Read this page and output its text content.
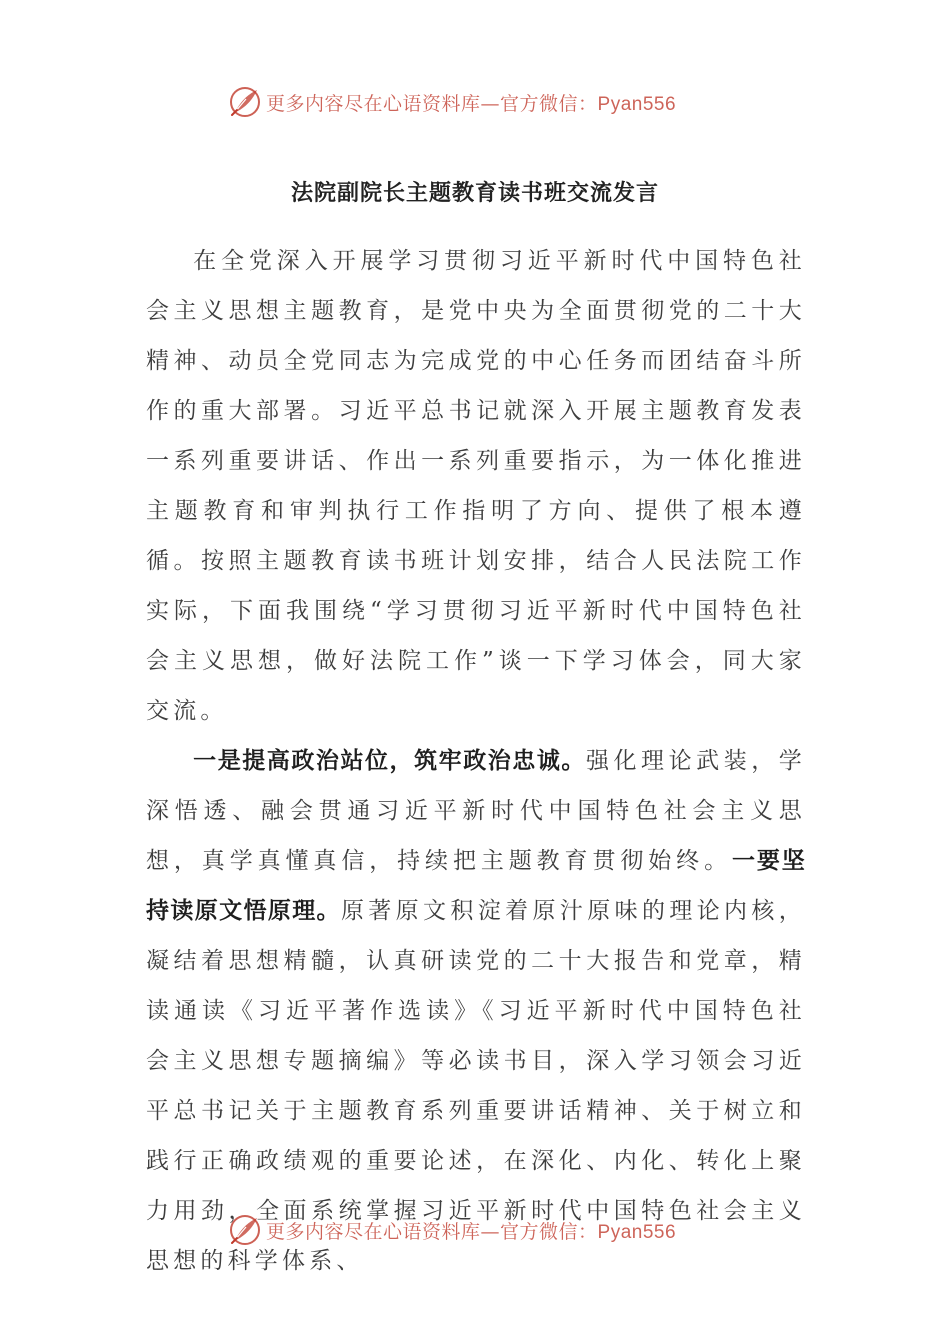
更多内容尽在心语资料库—官方微信：Pyan556
法院副院长主题教育读书班交流发言

在全党深入开展学习贯彻习近平新时代中国特色社会主义思想主题教育，是党中央为全面贯彻党的二十大精神、动员全党同志为完成党的中心任务而团结奋斗所作的重大部署。习近平总书记就深入开展主题教育发表一系列重要讲话、作出一系列重要指示，为一体化推进主题教育和审判执行工作指明了方向、提供了根本遵循。按照主题教育读书班计划安排，结合人民法院工作实际，下面我围绕“学习贯彻习近平新时代中国特色社会主义思想，做好法院工作”谈一下学习体会，同大家交流。

一是提高政治站位，筑牢政治忠诚。强化理论武装，学深悟透、融会贯通习近平新时代中国特色社会主义思想，真学真懂真信，持续把主题教育贯彻始终。一要坚持读原文悟原理。原著原文积淀着原汁原味的理论内核，凝结着思想精髓，认真研读党的二十大报告和党章，精读通读《习近平著作选读》《习近平新时代中国特色社会主义思想专题摘编》等必读书目，深入学习领会习近平总书记关于主题教育系列重要讲话精神、关于树立和践行正确政绩观的重要论述，在深化、内化、转化上聚力用劲，全面系统掌握习近平新时代中国特色社会主义思想的科学体系、

更多内容尽在心语资料库—官方微信：Pyan556
